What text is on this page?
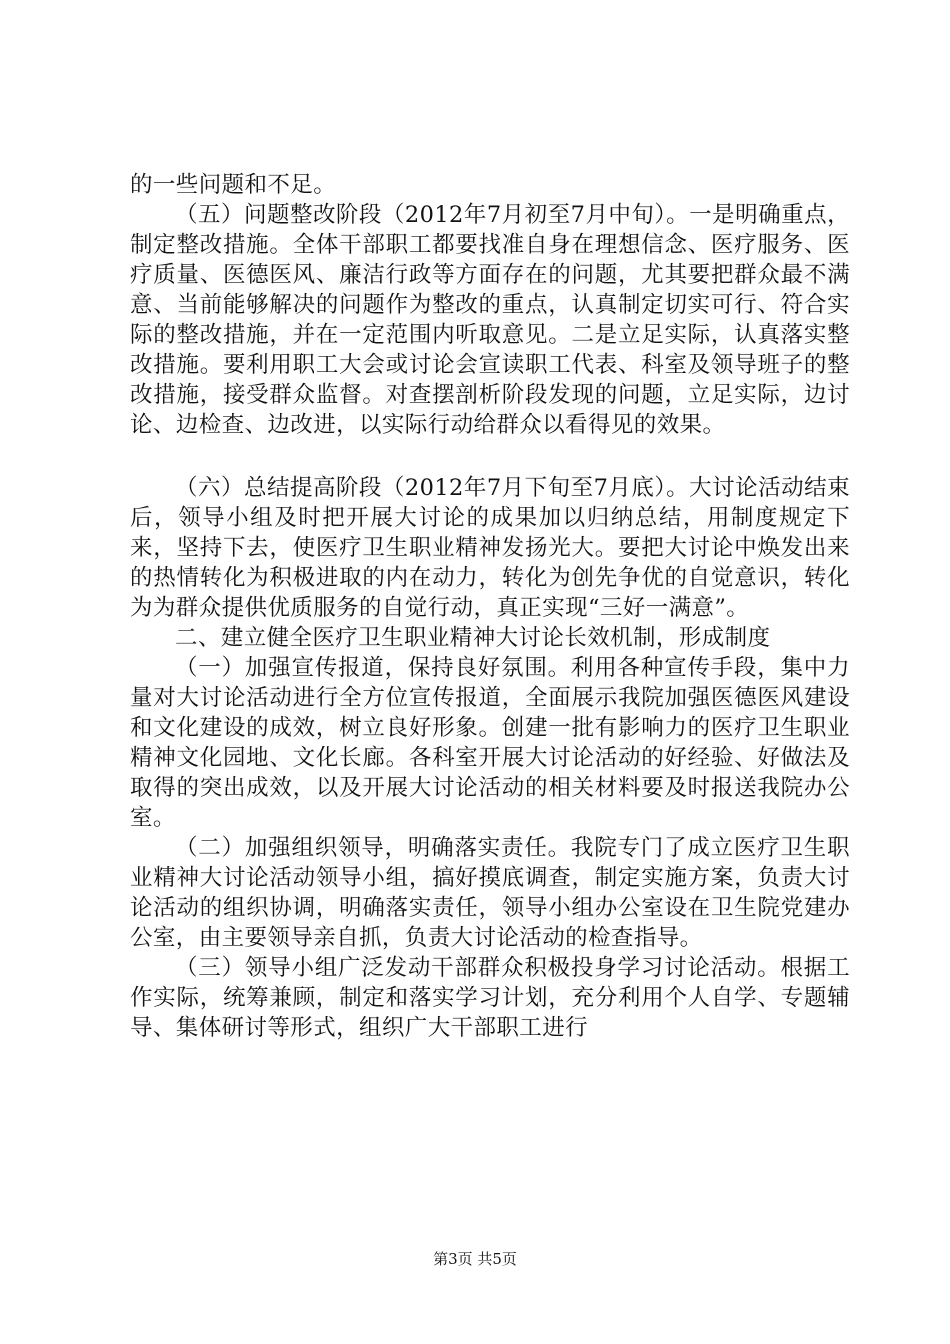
的一些问题和不足。

（五）问题整改阶段（2012年7月初至7月中旬）。一是明确重点，制定整改措施。全体干部职工都要找准自身在理想信念、医疗服务、医疗质量、医德医风、廉洁行政等方面存在的问题，尤其要把群众最不满意、当前能够解决的问题作为整改的重点，认真制定切实可行、符合实际的整改措施，并在一定范围内听取意见。二是立足实际，认真落实整改措施。要利用职工大会或讨论会宣读职工代表、科室及领导班子的整改措施，接受群众监督。对查摆剖析阶段发现的问题，立足实际，边讨论、边检查、边改进，以实际行动给群众以看得见的效果。

（六）总结提高阶段（2012年7月下旬至7月底）。大讨论活动结束后，领导小组及时把开展大讨论的成果加以归纳总结，用制度规定下来，坚持下去，使医疗卫生职业精神发扬光大。要把大讨论中焕发出来的热情转化为积极进取的内在动力，转化为创先争优的自觉意识，转化为为群众提供优质服务的自觉行动，真正实现“三好一满意”。

二、建立健全医疗卫生职业精神大讨论长效机制，形成制度

（一）加强宣传报道，保持良好氛围。利用各种宣传手段，集中力量对大讨论活动进行全方位宣传报道，全面展示我院加强医德医风建设和文化建设的成效，树立良好形象。创建一批有影响力的医疗卫生职业精神文化园地、文化长廊。各科室开展大讨论活动的好经验、好做法及取得的突出成效，以及开展大讨论活动的相关材料要及时报送我院办公室。

（二）加强组织领导，明确落实责任。我院专门了成立医疗卫生职业精神大讨论活动领导小组，搞好摸底调查，制定实施方案，负责大讨论活动的组织协调，明确落实责任，领导小组办公室设在卫生院党建办公室，由主要领导亲自抓，负责大讨论活动的检查指导。

（三）领导小组广泛发动干部群众积极投身学习讨论活动。根据工作实际，统筹兼顾，制定和落实学习计划，充分利用个人自学、专题辅导、集体研讨等形式，组织广大干部职工进行

第3页 共5页
